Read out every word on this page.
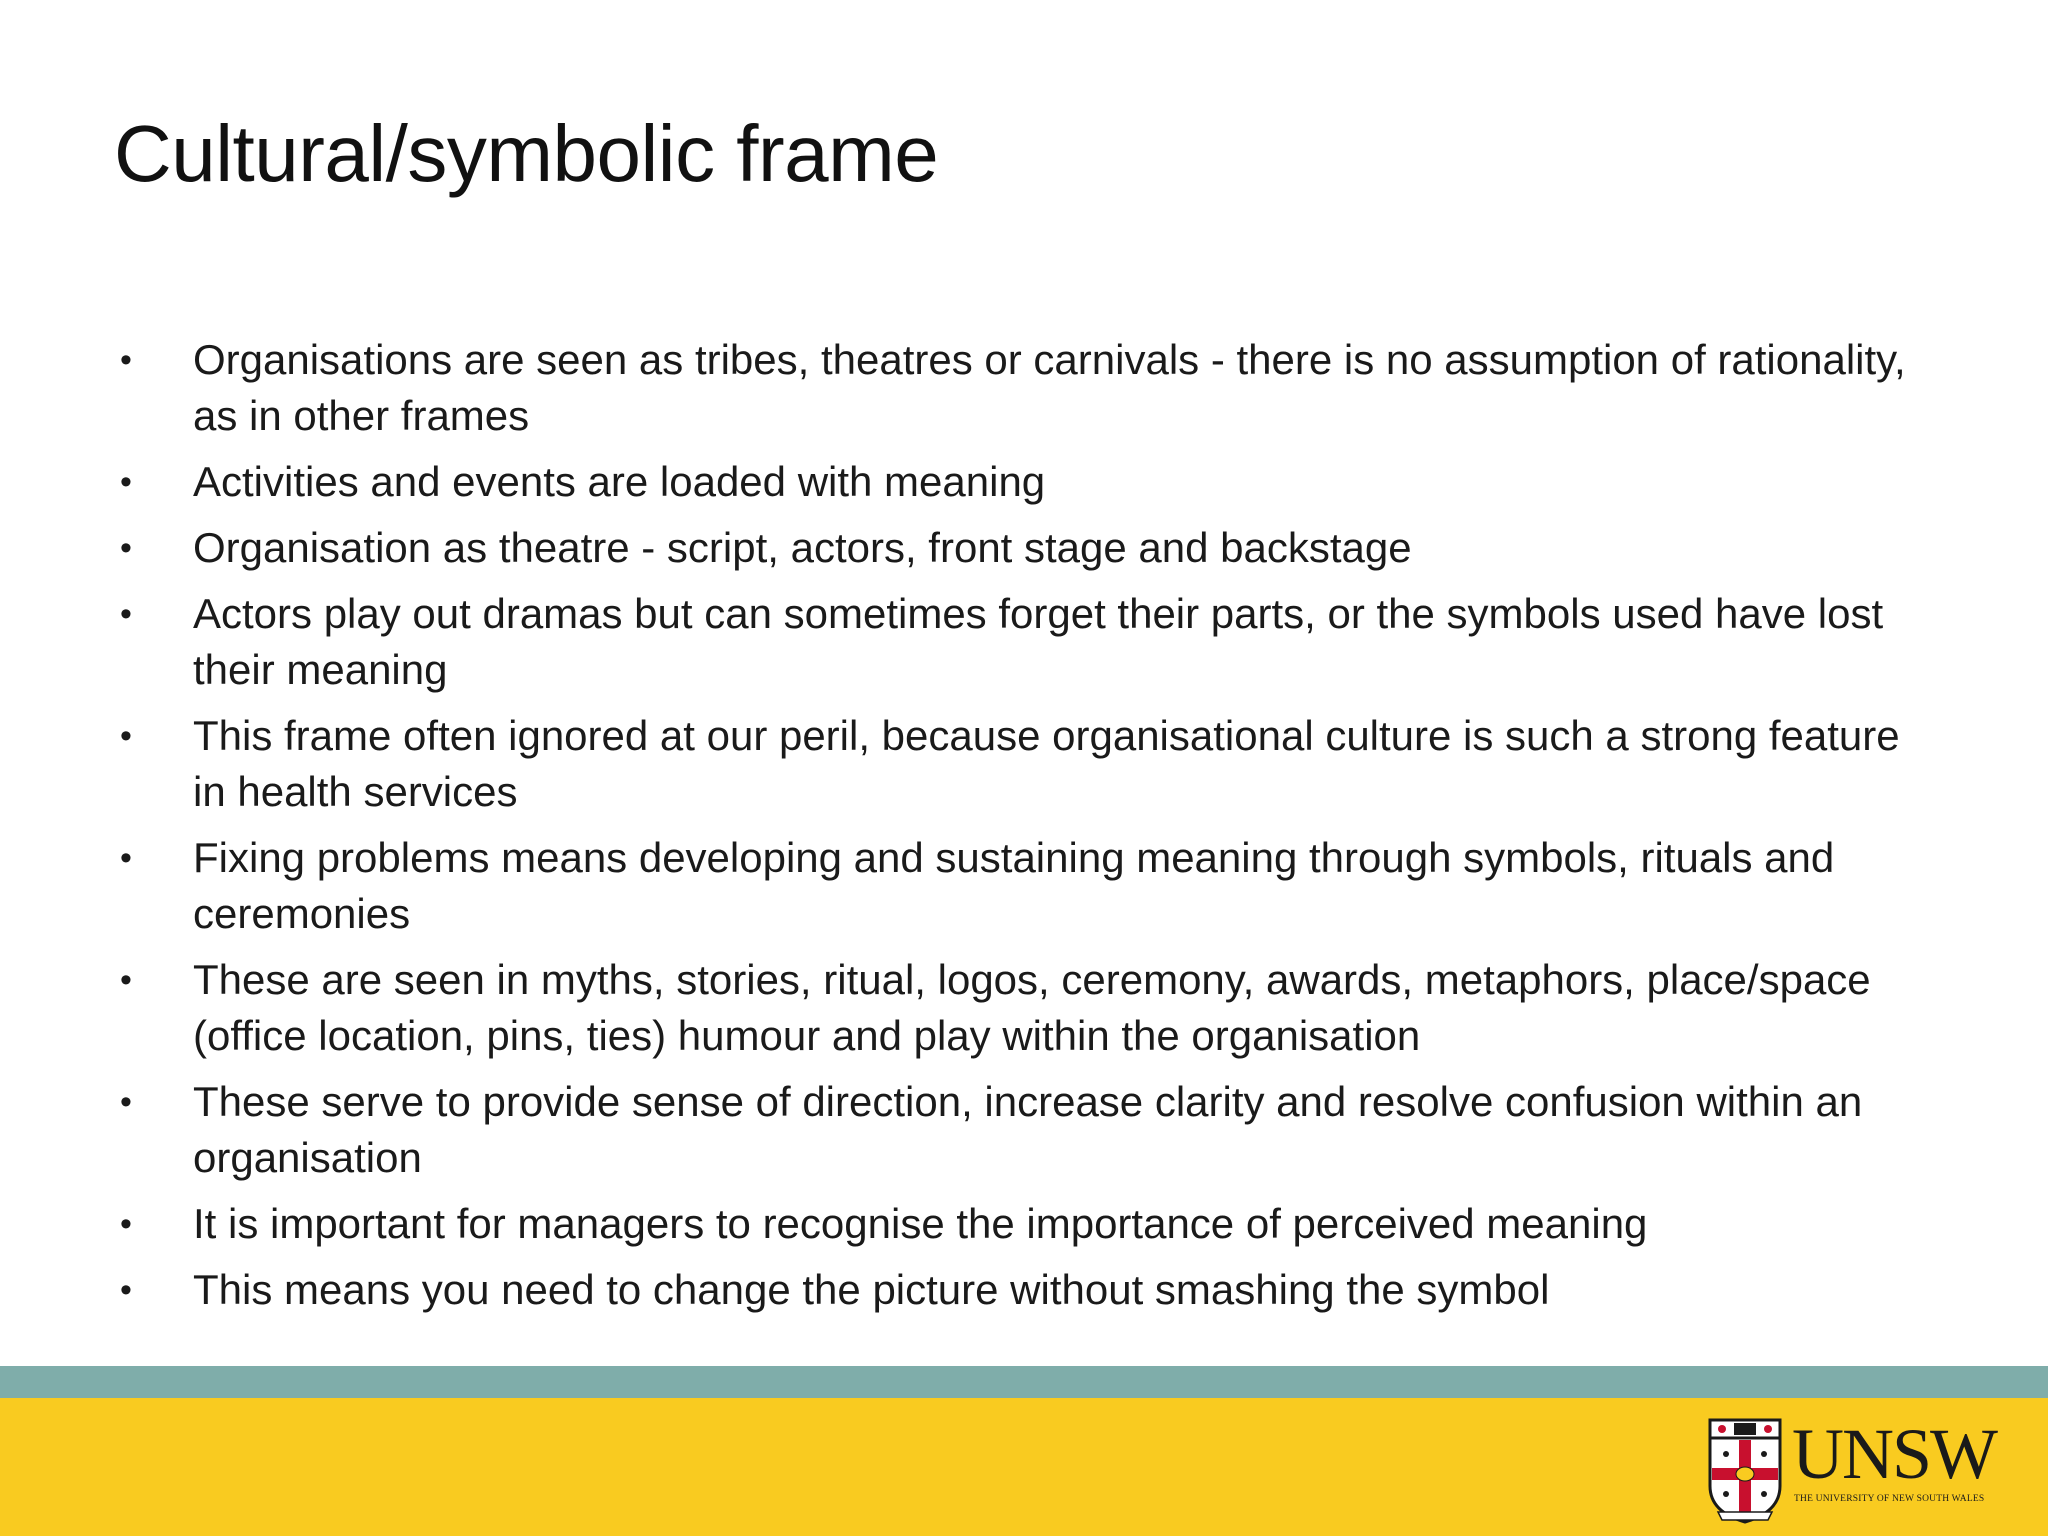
Cultural/symbolic frame
• Organisations are seen as tribes, theatres or carnivals - there is no assumption of rationality, as in other frames
• Activities and events are loaded with meaning
• Organisation as theatre - script, actors, front stage and backstage
• Actors play out dramas but can sometimes forget their parts, or the symbols used have lost their meaning
• This frame often ignored at our peril, because organisational culture is such a strong feature in health services
• Fixing problems means developing and sustaining meaning through symbols, rituals and ceremonies
• These are seen in myths, stories, ritual, logos, ceremony, awards, metaphors, place/space (office location, pins, ties) humour and play within the organisation
• These serve to provide sense of direction, increase clarity and resolve confusion within an organisation
• It is important for managers to recognise the importance of perceived meaning
• This means you need to change the picture without smashing the symbol
UNSW
THE UNIVERSITY OF NEW SOUTH WALES
